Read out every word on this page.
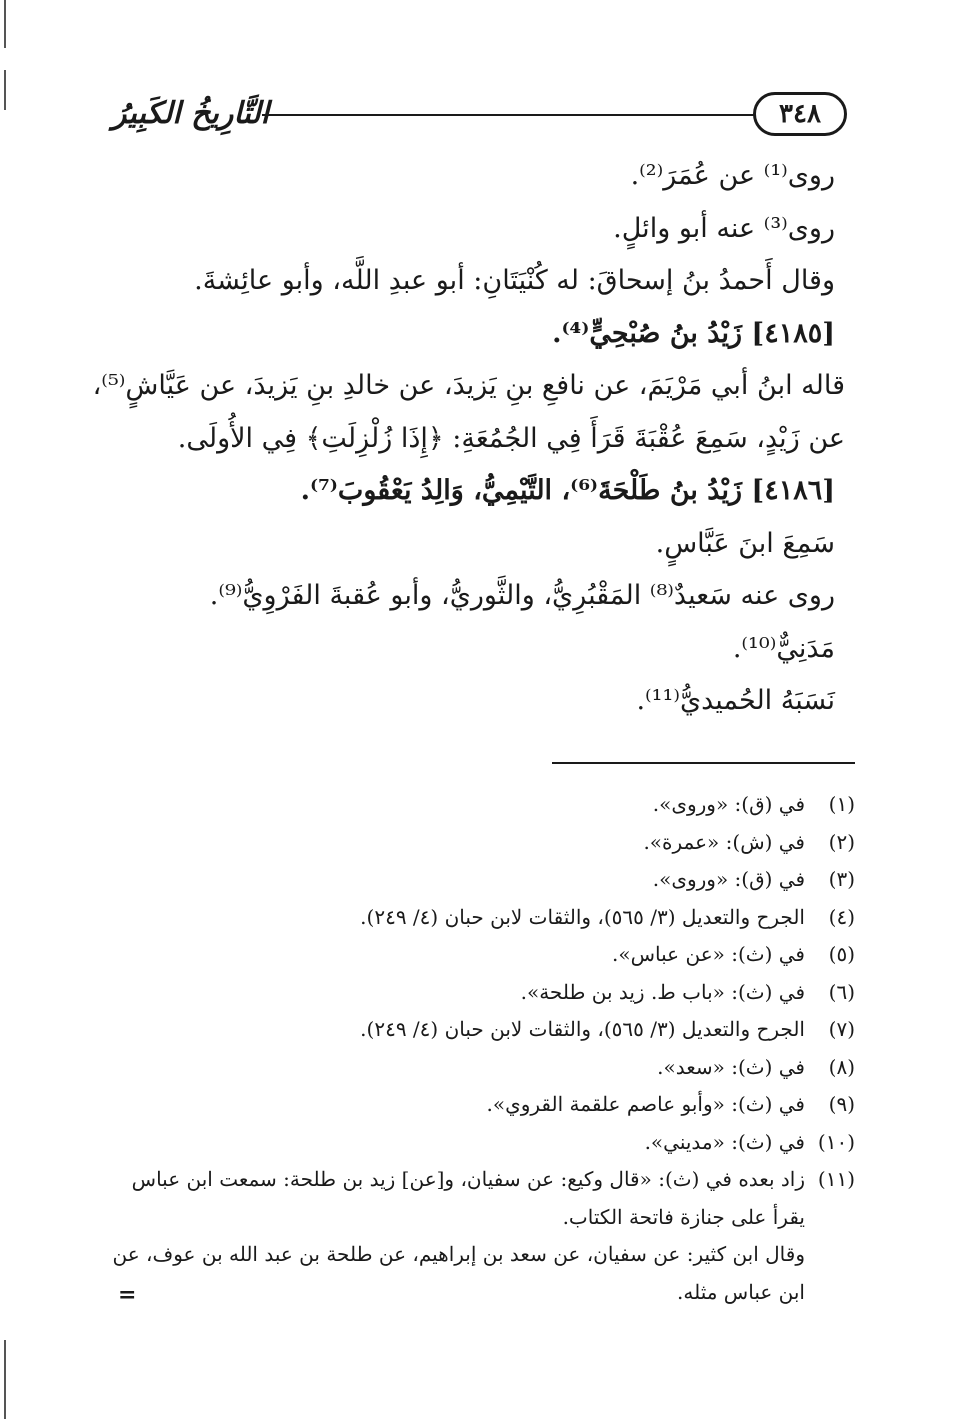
التَّارِيخُ الكَبِيرُ	٣٤٨
روى⁽¹⁾ عن عُمَرَ⁽²⁾.
روى⁽³⁾ عنه أبو وائلٍ.
وقال أَحمدُ بنُ إسحاقَ: له كُنْيَتَانِ: أبو عبدِ اللَّه، وأبو عائِشةَ.
[٤١٨٥] زَيْدُ بنُ صُبْحِيٍّ⁽⁴⁾.
قاله ابنُ أبي مَرْيَمَ، عن نافعِ بنِ يَزيدَ، عن خالدِ بنِ يَزيدَ، عن عَيَّاشٍ⁽⁵⁾،
عن زَيْدٍ، سَمِعَ عُقْبَةَ قَرَأَ فِي الجُمُعَةِ: ﴿إِذَا زُلْزِلَتِ﴾ فِي الأُولَى.
[٤١٨٦] زَيْدُ بنُ طَلْحَةَ⁽⁶⁾، التَّيْمِيُّ، وَالِدُ يَعْقُوبَ⁽⁷⁾.
سَمِعَ ابنَ عَبَّاسٍ.
روى عنه سَعيدٌ⁽⁸⁾ المَقْبُرِيُّ، والثَّوريُّ، وأبو عُقبةَ الفَرْوِيُّ⁽⁹⁾.
مَدَنِيٌّ⁽¹⁰⁾.
نَسَبَهُ الحُميديُّ⁽¹¹⁾.
(١)في (ق): «وروى».
(٢)في (ش): «عمرة».
(٣)في (ق): «وروى».
(٤)الجرح والتعديل (٣/ ٥٦٥)، والثقات لابن حبان (٤/ ٢٤٩).
(٥)في (ث): «عن عباس».
(٦)في (ث): «باب ط. زيد بن طلحة».
(٧)الجرح والتعديل (٣/ ٥٦٥)، والثقات لابن حبان (٤/ ٢٤٩).
(٨)في (ث): «سعد».
(٩)في (ث): «وأبو عاصم علقمة القروي».
(١٠)في (ث): «مديني».
(١١)زاد بعده في (ث): «قال وكيع: عن سفيان، و[عن] زيد بن طلحة: سمعت ابن عباس
يقرأ على جنازة فاتحة الكتاب.
وقال ابن كثير: عن سفيان، عن سعد بن إبراهيم، عن طلحة بن عبد الله بن عوف، عن
ابن عباس مثله.
=
